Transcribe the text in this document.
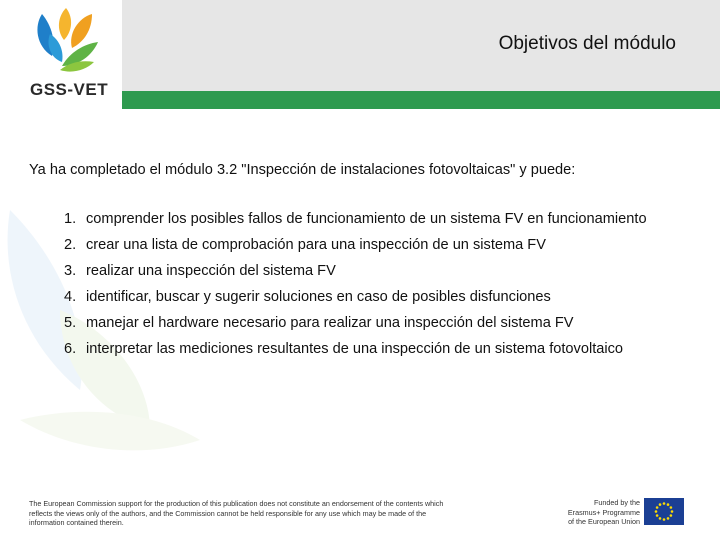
Objetivos del módulo
GSS-VET
Ya ha completado el módulo 3.2 "Inspección de instalaciones fotovoltaicas" y puede:
1. comprender los posibles fallos de funcionamiento de un sistema FV en funcionamiento
2. crear una lista de comprobación para una inspección de un sistema FV
3. realizar una inspección del sistema FV
4. identificar, buscar y sugerir soluciones en caso de posibles disfunciones
5. manejar el hardware necesario para realizar una inspección del sistema FV
6. interpretar las mediciones resultantes de una inspección de un sistema fotovoltaico
The European Commission support for the production of this publication does not constitute an endorsement of the contents which reflects the views only of the authors, and the Commission cannot be held responsible for any use which may be made of the information contained therein.
Funded by the Erasmus+ Programme of the European Union
